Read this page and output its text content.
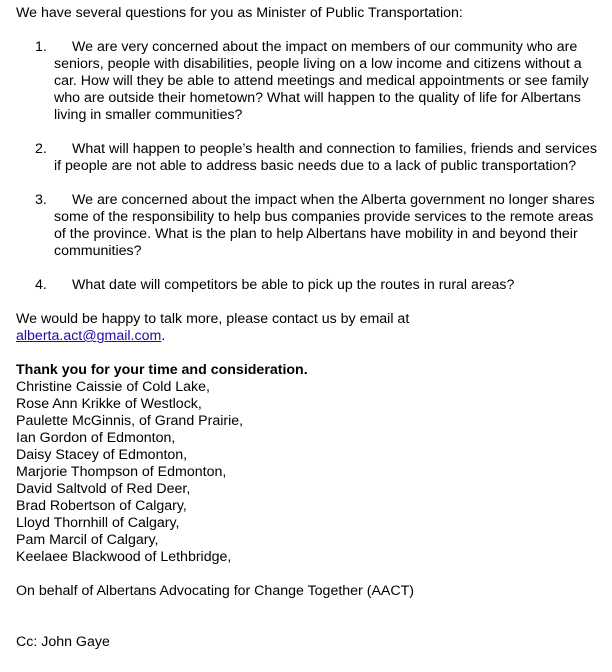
We have several questions for you as Minister of Public Transportation:

1.	We are very concerned about the impact on members of our community who are seniors, people with disabilities, people living on a low income and citizens without a car. How will they be able to attend meetings and medical appointments or see family who are outside their hometown? What will happen to the quality of life for Albertans living in smaller communities?
2.	What will happen to people’s health and connection to families, friends and services if people are not able to address basic needs due to a lack of public transportation?
3.	We are concerned about the impact when the Alberta government no longer shares some of the responsibility to help bus companies provide services to the remote areas of the province. What is the plan to help Albertans have mobility in and beyond their communities?
4.	What date will competitors be able to pick up the routes in rural areas?

We would be happy to talk more, please contact us by email at
alberta.act@gmail.com.

Thank you for your time and consideration.

Christine Caissie of Cold Lake,
Rose Ann Krikke of Westlock,
Paulette McGinnis, of Grand Prairie,
Ian Gordon of Edmonton,
Daisy Stacey of Edmonton,
Marjorie Thompson of Edmonton,
David Saltvold of Red Deer,
Brad Robertson of Calgary,
Lloyd Thornhill of Calgary,
Pam Marcil of Calgary,
Keelaee Blackwood of Lethbridge,

On behalf of Albertans Advocating for Change Together (AACT)

Cc: John Gaye
